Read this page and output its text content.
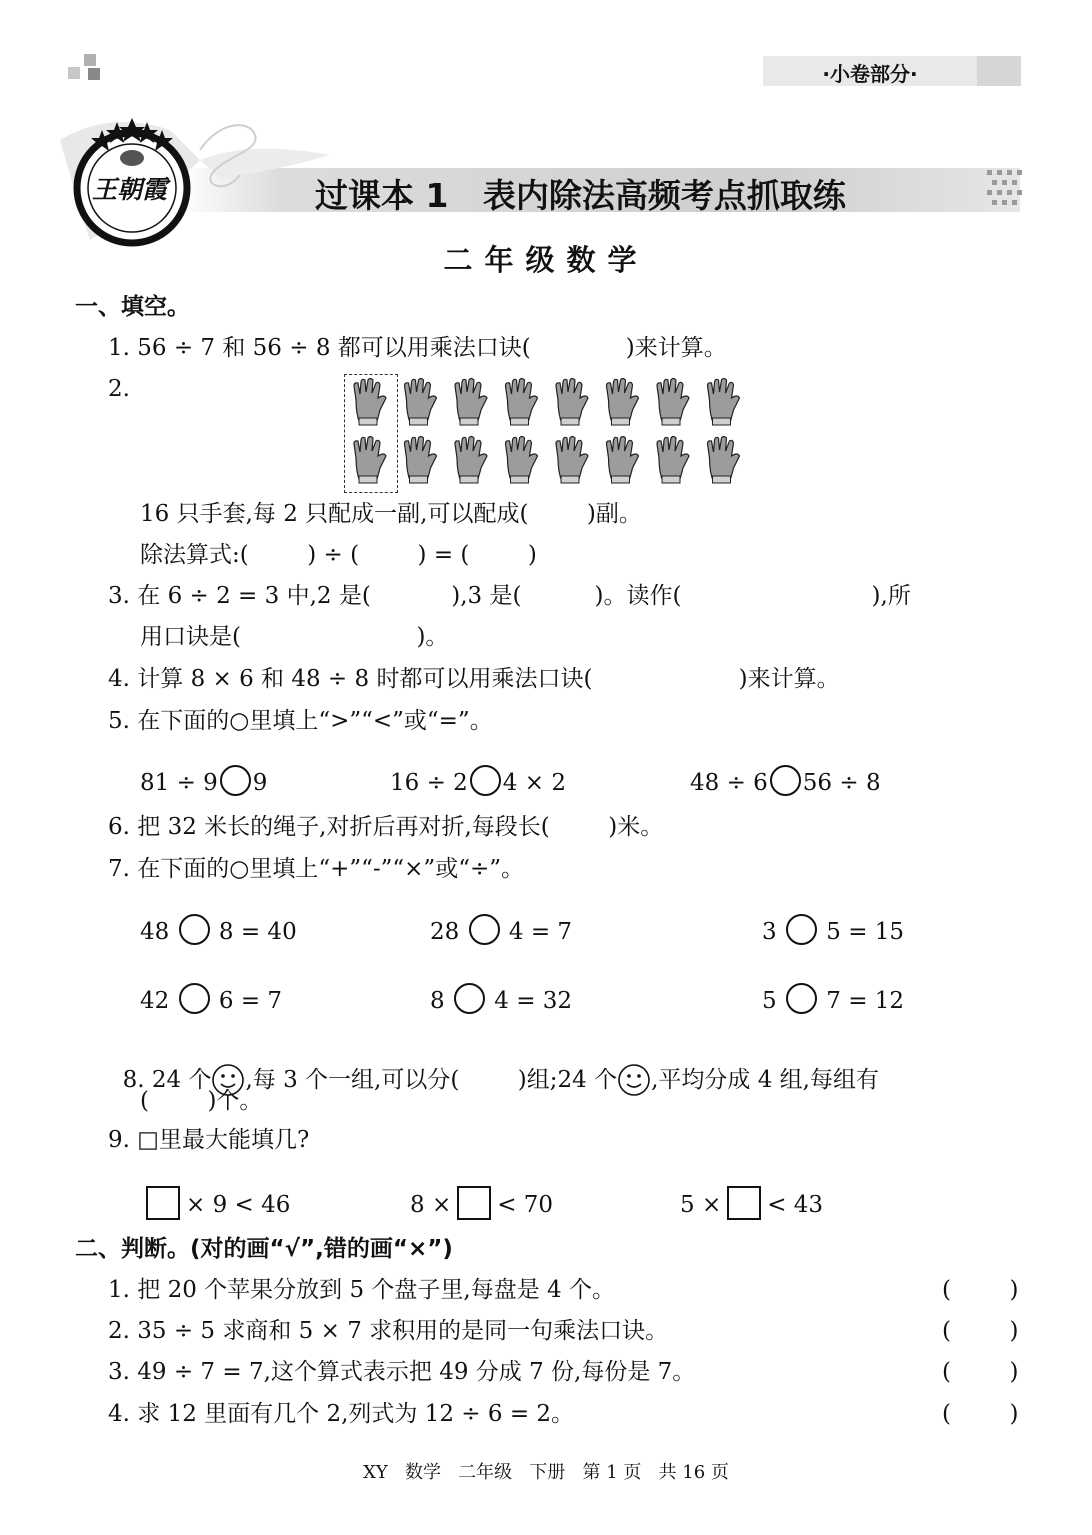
·小卷部分·
王朝霞	过课本 1   表内除法高频考点抓取练
二年级数学
一、填空。
1. 56 ÷ 7 和 56 ÷ 8 都可以用乘法口诀(             )来计算。
2.
16 只手套,每 2 只配成一副,可以配成(        )副。
除法算式:(        ) ÷ (        ) = (        )
3. 在 6 ÷ 2 = 3 中,2 是(           ),3 是(          )。读作(                          ),所
用口诀是(                        )。
4. 计算 8 × 6 和 48 ÷ 8 时都可以用乘法口诀(                    )来计算。
5. 在下面的○里填上“>”“<”或“=”。
81 ÷ 9 9	16 ÷ 2 4 × 2	48 ÷ 6 56 ÷ 8
6. 把 32 米长的绳子,对折后再对折,每段长(        )米。
7. 在下面的○里填上“+”“-”“×”或“÷”。
48 8 = 40	28 4 = 7	3 5 = 15
42 6 = 7	8 4 = 32	5 7 = 12

8. 24 个 ,每 3 个一组,可以分(        )组;24 个 ,平均分成 4 组,每组有

(        )个。
9. □里最大能填几?
× 9 < 46	8 × < 70	5 × < 43
二、判断。(对的画“√”,错的画“×”)
1. 把 20 个苹果分放到 5 个盘子里,每盘是 4 个。	(        )
2. 35 ÷ 5 求商和 5 × 7 求积用的是同一句乘法口诀。	(        )
3. 49 ÷ 7 = 7,这个算式表示把 49 分成 7 份,每份是 7。	(        )
4. 求 12 里面有几个 2,列式为 12 ÷ 6 = 2。	(        )
XY   数学   二年级   下册   第 1 页   共 16 页
